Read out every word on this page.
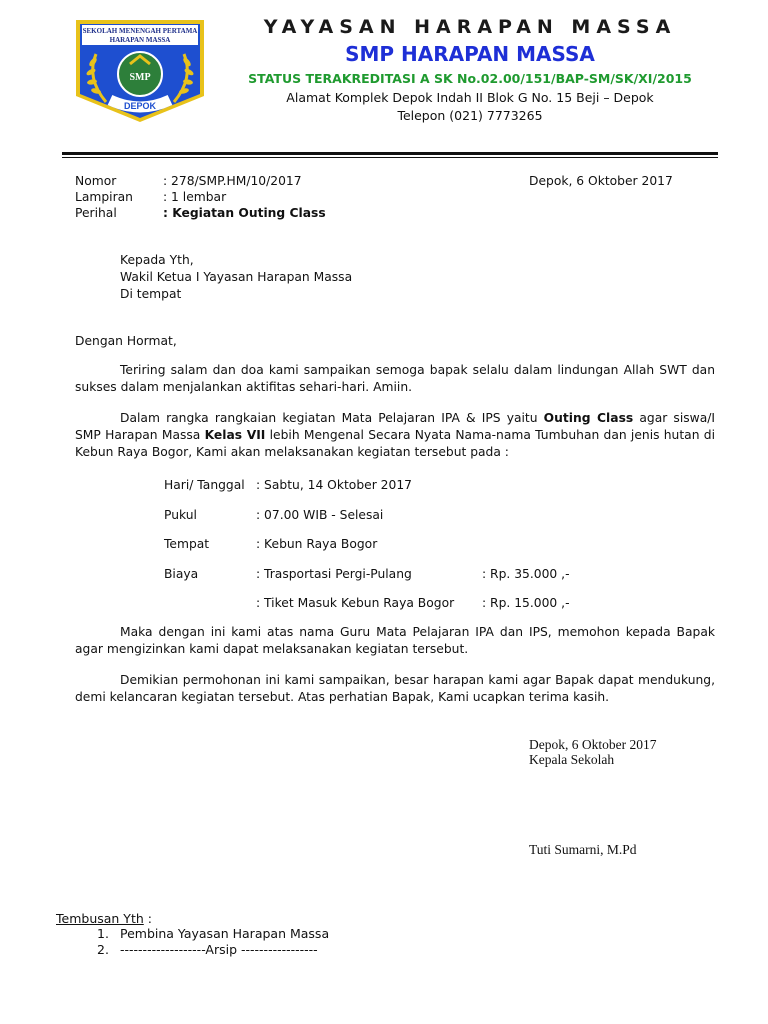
SEKOLAH MENENGAH PERTAMA
HARAPAN MASSA
SMP
DEPOK
YAYASAN HARAPAN MASSA
SMP HARAPAN MASSA
STATUS TERAKREDITASI A SK No.02.00/151/BAP-SM/SK/XI/2015
Alamat Komplek Depok Indah II Blok G No. 15 Beji – Depok
Telepon (021) 7773265
Nomor	: 278/SMP.HM/10/2017
Lampiran : 1 lembar
Perihal	: Kegiatan Outing Class
Depok, 6 Oktober 2017
Kepada Yth,
Wakil Ketua I Yayasan Harapan Massa
Di tempat
Dengan Hormat,
Teriring salam dan doa kami sampaikan semoga bapak selalu dalam lindungan Allah SWT dan sukses dalam menjalankan aktifitas sehari-hari. Amiin.
Dalam rangka rangkaian kegiatan Mata Pelajaran IPA & IPS yaitu Outing Class agar siswa/I SMP Harapan Massa Kelas VII lebih Mengenal Secara Nyata Nama-nama Tumbuhan dan jenis hutan di Kebun Raya Bogor, Kami akan melaksanakan kegiatan tersebut pada :
Hari/ Tanggal : Sabtu, 14 Oktober 2017
Pukul	: 07.00 WIB - Selesai
Tempat	: Kebun Raya Bogor
Biaya	: Trasportasi Pergi-Pulang	: Rp. 35.000 ,-
: Tiket Masuk Kebun Raya Bogor : Rp. 15.000 ,-
Maka dengan ini kami atas nama Guru Mata Pelajaran IPA dan IPS, memohon kepada Bapak agar mengizinkan kami dapat melaksanakan kegiatan tersebut.
Demikian permohonan ini kami sampaikan, besar harapan kami agar Bapak dapat mendukung, demi kelancaran kegiatan tersebut. Atas perhatian Bapak, Kami ucapkan terima kasih.
Depok, 6 Oktober 2017
Kepala Sekolah
Tuti Sumarni, M.Pd
Tembusan Yth :
1. Pembina Yayasan Harapan Massa
2. -------------------Arsip -----------------
